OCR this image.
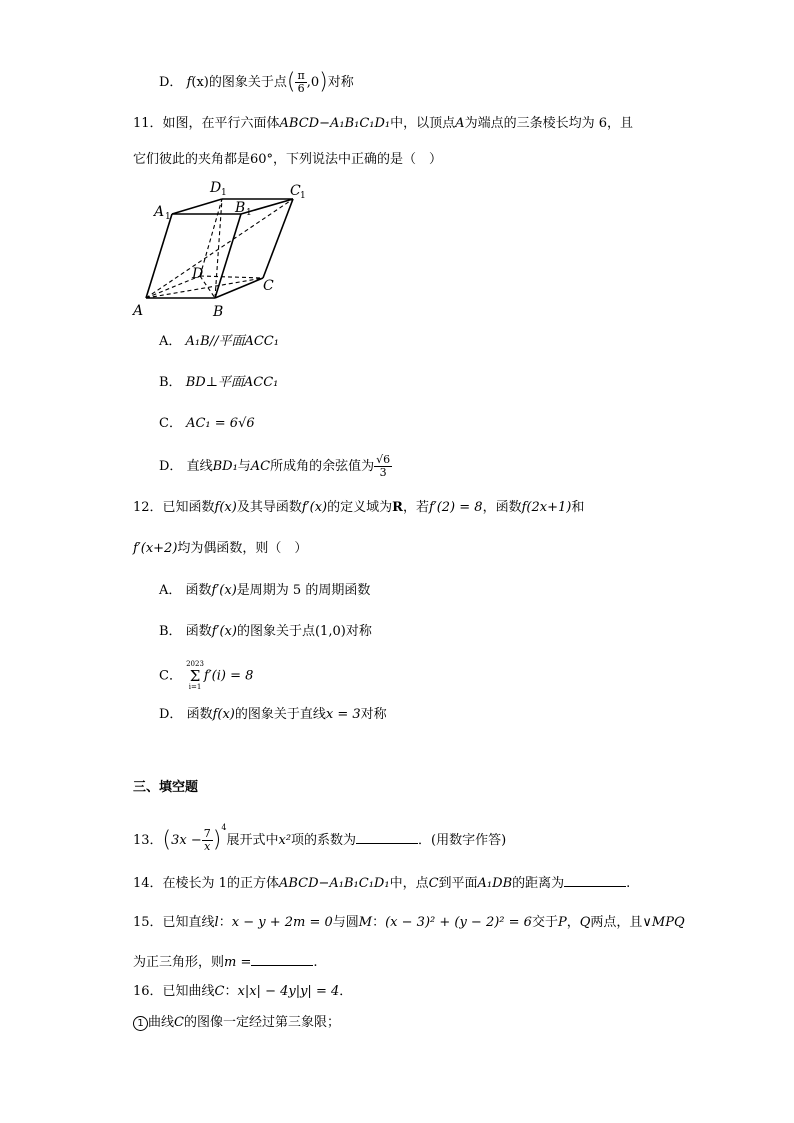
D． f(x)的图象关于点( $\frac{\pi}{6} ,0$)对称
11．如图，在平行六面体ABCD−A₁B₁C₁D₁中，以顶点A为端点的三条棱长均为 6，且
它们彼此的夹角都是60°，下列说法中正确的是（　）
A	B
C
D
A	B
C
D
1	1
1
1
A． A₁B//平面ACC₁
B． BD⊥平面ACC₁
C． AC₁ = 6√6
D． 直线BD₁与AC所成角的余弦值为 $\frac{√6}{3}$
12．已知函数f(x)及其导函数f′(x)的定义域为R，若f′(2) = 8，函数f(2x+1)和
f′(x+2)均为偶函数，则（　）
A． 函数f′(x)是周期为 5 的周期函数
B． 函数f′(x)的图象关于点(1,0)对称
C． 2023
Σ
i=1f′(i) = 8
D． 函数f(x)的图象关于直线x = 3对称
三、填空题
13．$(3x - \frac{7}{x} )^4$展开式中x²项的系数为	．(用数字作答)
14．在棱长为 1的正方体ABCD−A₁B₁C₁D₁中，点C到平面A₁DB的距离为	.
15．已知直线l：x − y + 2m = 0与圆M：(x − 3)² + (y − 2)² = 6交于P，Q两点，且∨MPQ
为正三角形，则m =	.
16．已知曲线C：x|x| − 4y|y| = 4．
1 曲线C的图像一定经过第三象限；
